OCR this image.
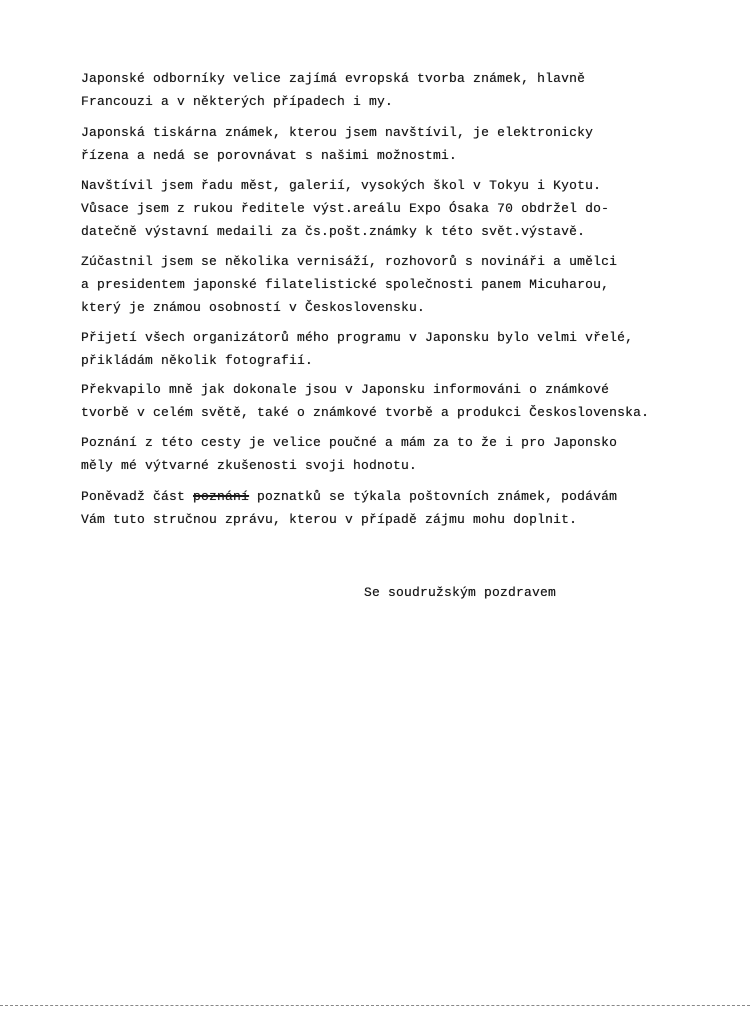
Japonské odborníky velice zajímá evropská tvorba známek, hlavně
Francouzi a v některých případech i my.
Japonská tiskárna známek, kterou jsem navštívil, je elektronicky
řízena a nedá se porovnávat s našimi možnostmi.
Navštívil jsem řadu měst, galerií, vysokých škol v Tokyu i Kyotu.
Vůsace jsem z rukou ředitele výst.areálu Expo Ósaka 70 obdržel do-
datečně výstavní medaili za čs.pošt.známky k této svět.výstavě.
Zúčastnil jsem se několika vernisáží, rozhovorů s novináři a umělci
a presidentem japonské filatelistické společnosti panem Micuharou,
který je známou osobností v Československu.
Přijetí všech organizátorů mého programu v Japonsku bylo velmi vřelé,
přikládám několik fotografií.
Překvapilo mně jak dokonale jsou v Japonsku informováni o známkové
tvorbě v celém světě, také o známkové tvorbě a produkci Československa.
Poznání z této cesty je velice poučné a mám za to že i pro Japonsko
měly mé výtvarné zkušenosti svoji hodnotu.
Poněvadž část poznání poznatků se týkala poštovních známek, podávám
Vám tuto stručnou zprávu, kterou v případě zájmu mohu doplnit.
Se soudružským pozdravem
